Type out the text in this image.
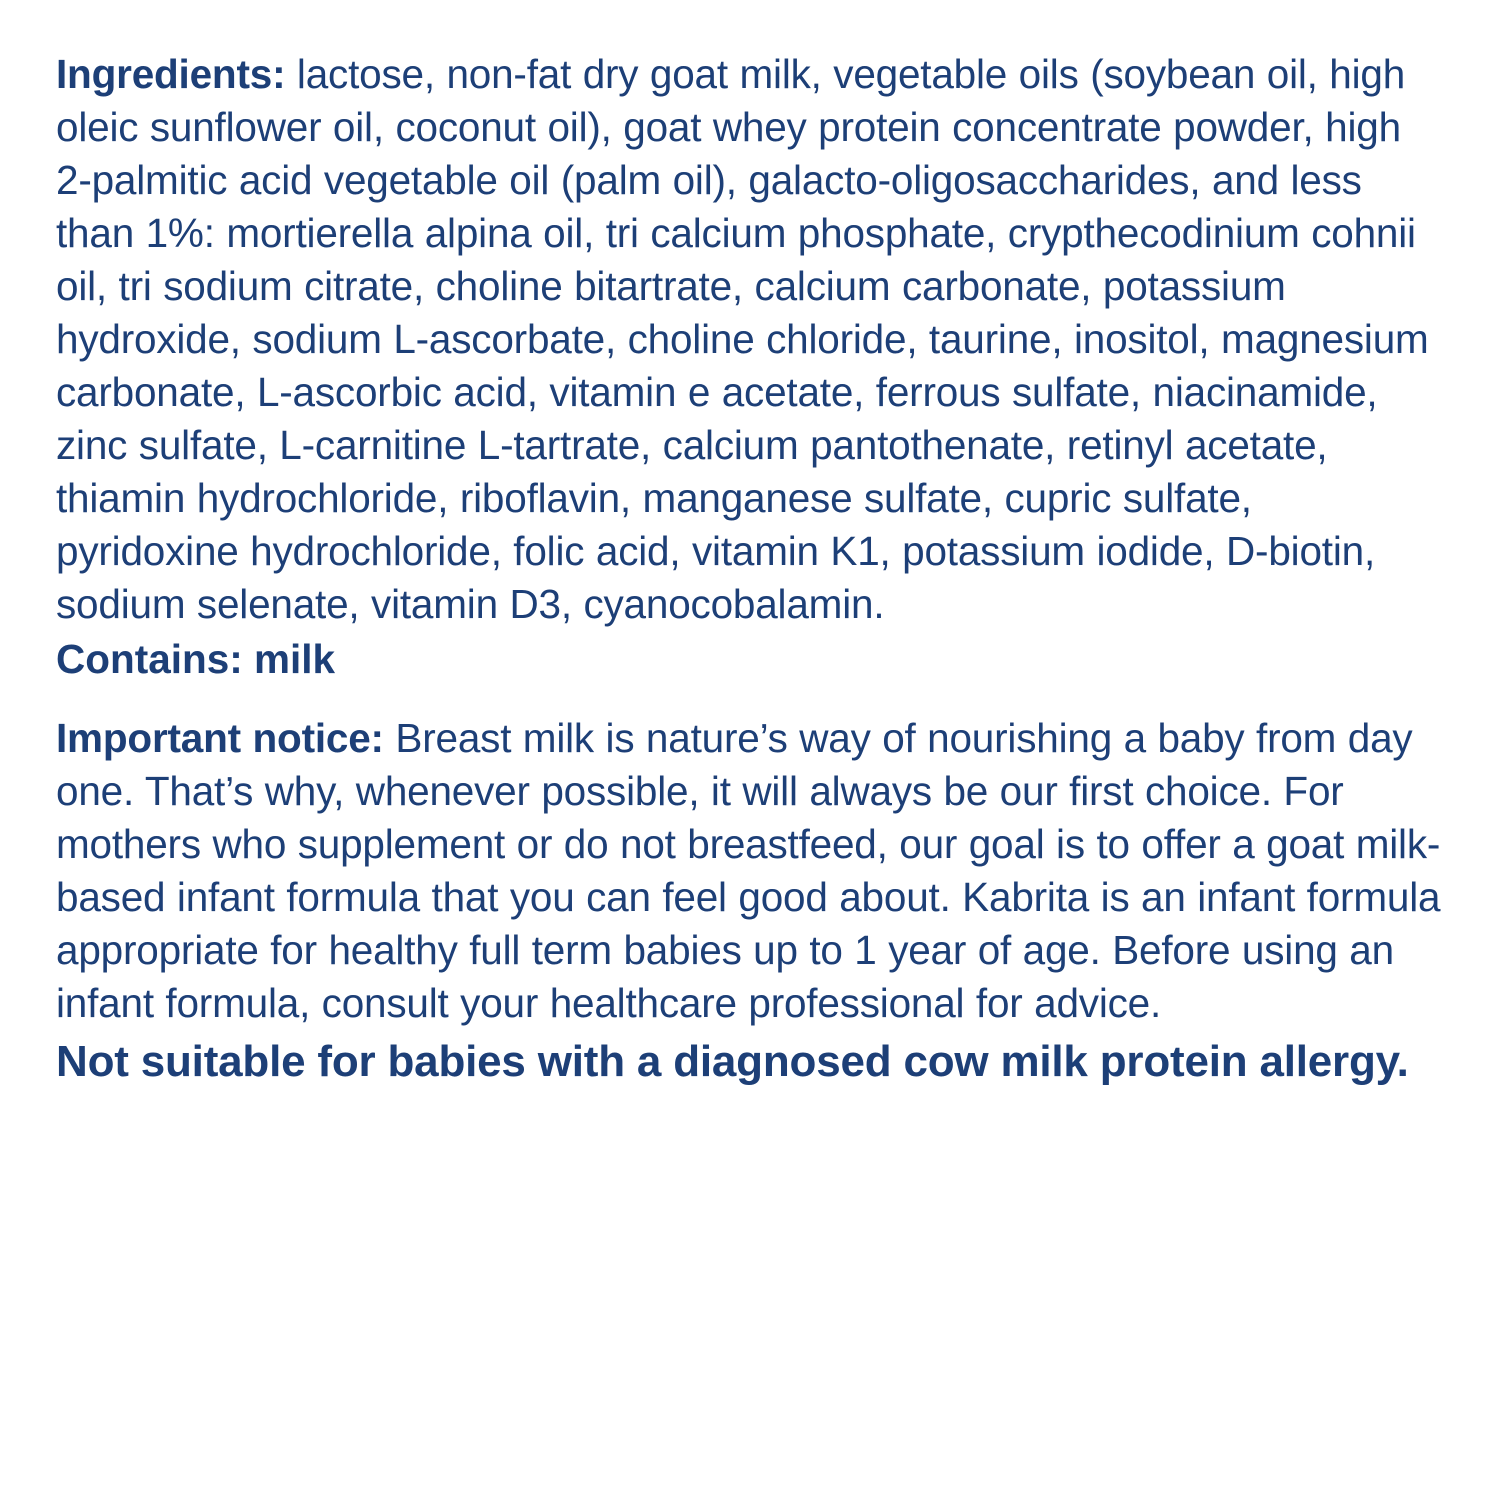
Ingredients: lactose, non-fat dry goat milk, vegetable oils (soybean oil, high oleic sunflower oil, coconut oil), goat whey protein concentrate powder, high 2-palmitic acid vegetable oil (palm oil), galacto-oligosaccharides, and less than 1%: mortierella alpina oil, tri calcium phosphate, crypthecodinium cohnii oil, tri sodium citrate, choline bitartrate, calcium carbonate, potassium hydroxide, sodium L-ascorbate, choline chloride, taurine, inositol, magnesium carbonate, L-ascorbic acid, vitamin e acetate, ferrous sulfate, niacinamide, zinc sulfate, L-carnitine L-tartrate, calcium pantothenate, retinyl acetate, thiamin hydrochloride, riboflavin, manganese sulfate, cupric sulfate, pyridoxine hydrochloride, folic acid, vitamin K1, potassium iodide, D-biotin, sodium selenate, vitamin D3, cyanocobalamin.

Contains: milk

Important notice: Breast milk is nature’s way of nourishing a baby from day one. That’s why, whenever possible, it will always be our first choice. For mothers who supplement or do not breastfeed, our goal is to offer a goat milk-based infant formula that you can feel good about. Kabrita is an infant formula appropriate for healthy full term babies up to 1 year of age. Before using an infant formula, consult your healthcare professional for advice.

Not suitable for babies with a diagnosed cow milk protein allergy.
